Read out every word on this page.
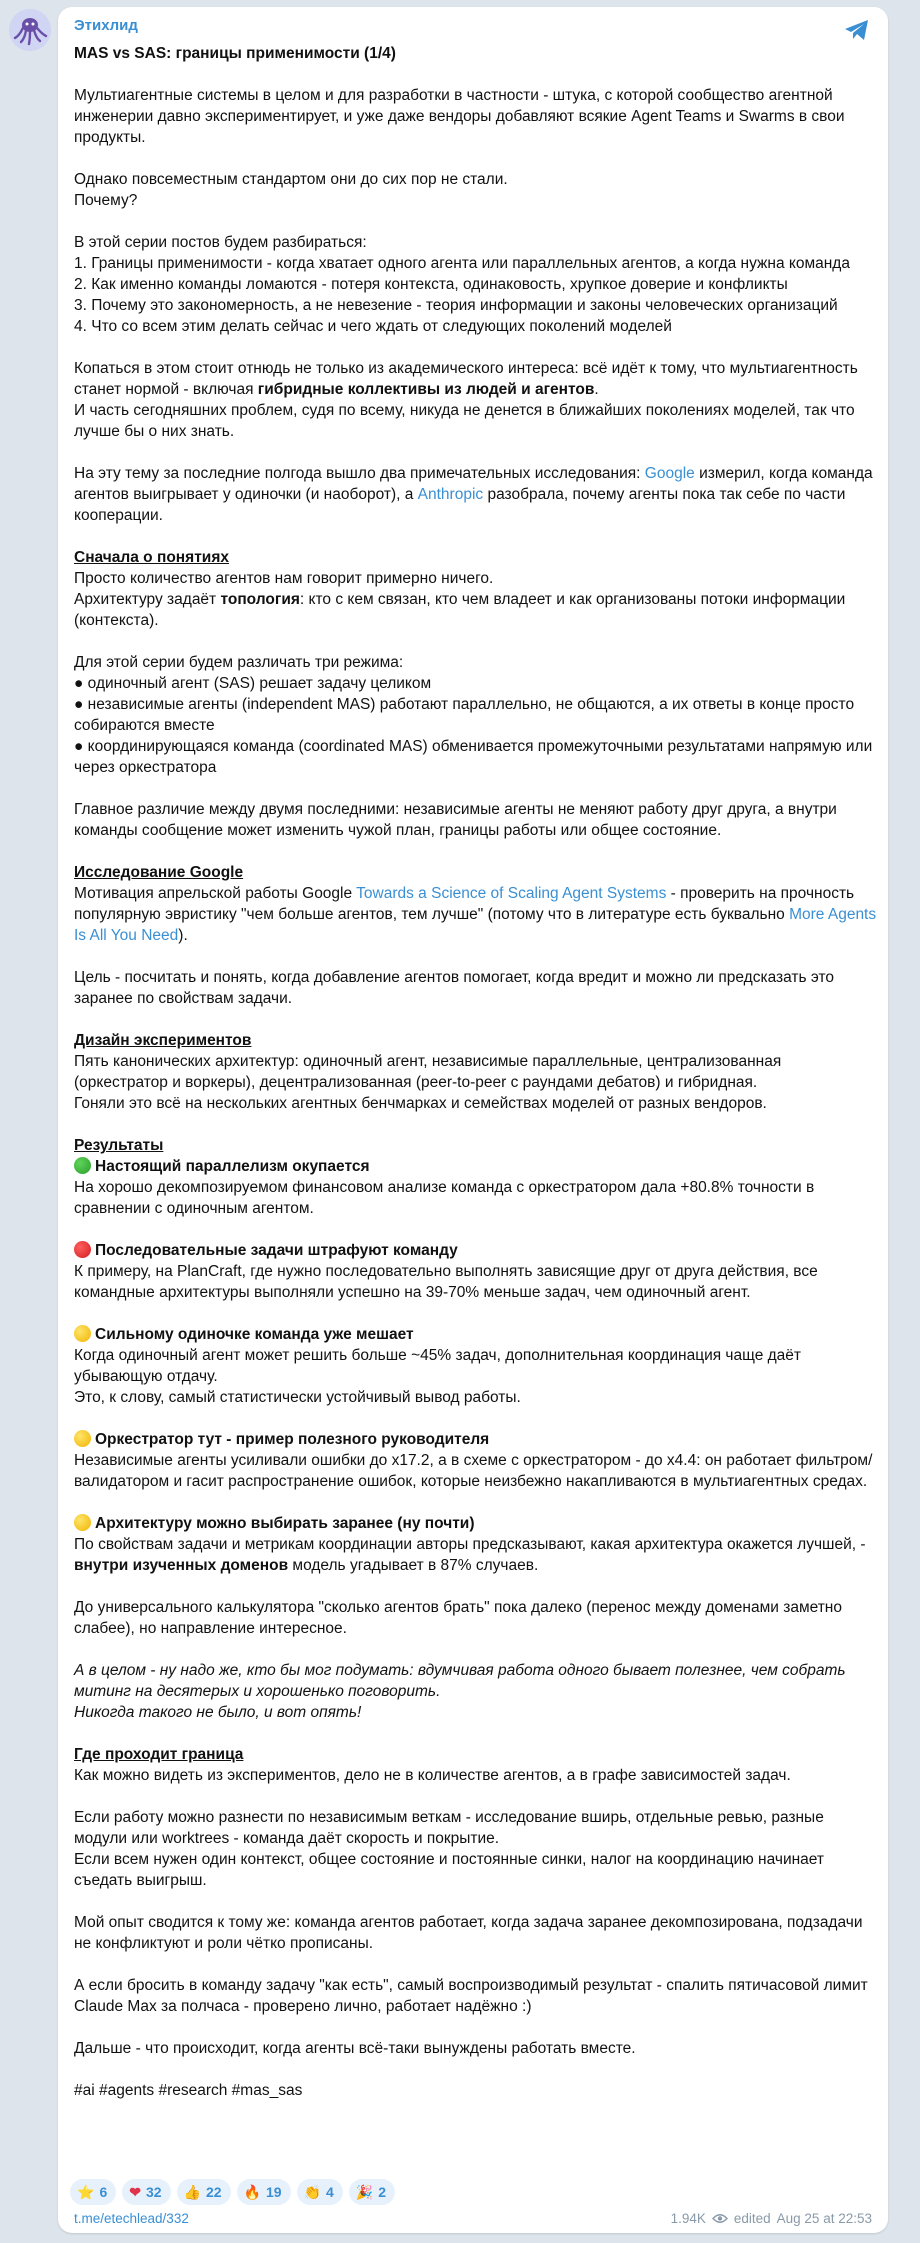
Этихлид

MAS vs SAS: границы применимости (1/4)

Мультиагентные системы в целом и для разработки в частности - штука, с которой сообщество агентной инженерии давно экспериментирует, и уже даже вендоры добавляют всякие Agent Teams и Swarms в свои продукты.

Однако повсеместным стандартом они до сих пор не стали.

Почему?

В этой серии постов будем разбираться:

1. Границы применимости - когда хватает одного агента или параллельных агентов, а когда нужна команда

2. Как именно команды ломаются - потеря контекста, одинаковость, хрупкое доверие и конфликты

3. Почему это закономерность, а не невезение - теория информации и законы человеческих организаций

4. Что со всем этим делать сейчас и чего ждать от следующих поколений моделей

Копаться в этом стоит отнюдь не только из академического интереса: всё идёт к тому, что мультиагентность станет нормой - включая гибридные коллективы из людей и агентов.

И часть сегодняшних проблем, судя по всему, никуда не денется в ближайших поколениях моделей, так что лучше бы о них знать.

На эту тему за последние полгода вышло два примечательных исследования: Google измерил, когда команда агентов выигрывает у одиночки (и наоборот), а Anthropic разобрала, почему агенты пока так себе по части кооперации.

Сначала о понятиях

Просто количество агентов нам говорит примерно ничего.

Архитектуру задаёт топология: кто с кем связан, кто чем владеет и как организованы потоки информации (контекста).

Для этой серии будем различать три режима:

● одиночный агент (SAS) решает задачу целиком

● независимые агенты (independent MAS) работают параллельно, не общаются, а их ответы в конце просто собираются вместе

● координирующаяся команда (coordinated MAS) обменивается промежуточными результатами напрямую или через оркестратора

Главное различие между двумя последними: независимые агенты не меняют работу друг друга, а внутри команды сообщение может изменить чужой план, границы работы или общее состояние.

Исследование Google

Мотивация апрельской работы Google Towards a Science of Scaling Agent Systems - проверить на прочность популярную эвристику "чем больше агентов, тем лучше" (потому что в литературе есть буквально More Agents Is All You Need).

Цель - посчитать и понять, когда добавление агентов помогает, когда вредит и можно ли предсказать это заранее по свойствам задачи.

Дизайн экспериментов

Пять канонических архитектур: одиночный агент, независимые параллельные, централизованная (оркестратор и воркеры), децентрализованная (peer-to-peer с раундами дебатов) и гибридная.

Гоняли это всё на нескольких агентных бенчмарках и семействах моделей от разных вендоров.

Результаты

Настоящий параллелизм окупается

На хорошо декомпозируемом финансовом анализе команда с оркестратором дала +80.8% точности в сравнении с одиночным агентом.

Последовательные задачи штрафуют команду

К примеру, на PlanCraft, где нужно последовательно выполнять зависящие друг от друга действия, все командные архитектуры выполняли успешно на 39-70% меньше задач, чем одиночный агент.

Сильному одиночке команда уже мешает

Когда одиночный агент может решить больше ~45% задач, дополнительная координация чаще даёт убывающую отдачу.

Это, к слову, самый статистически устойчивый вывод работы.

Оркестратор тут - пример полезного руководителя

Независимые агенты усиливали ошибки до x17.2, а в схеме с оркестратором - до x4.4: он работает фильтром/валидатором и гасит распространение ошибок, которые неизбежно накапливаются в мультиагентных средах.

Архитектуру можно выбирать заранее (ну почти)

По свойствам задачи и метрикам координации авторы предсказывают, какая архитектура окажется лучшей, - внутри изученных доменов модель угадывает в 87% случаев.

До универсального калькулятора "сколько агентов брать" пока далеко (перенос между доменами заметно слабее), но направление интересное.

А в целом - ну надо же, кто бы мог подумать: вдумчивая работа одного бывает полезнее, чем собрать митинг на десятерых и хорошенько поговорить.

Никогда такого не было, и вот опять!

Где проходит граница

Как можно видеть из экспериментов, дело не в количестве агентов, а в графе зависимостей задач.

Если работу можно разнести по независимым веткам - исследование вширь, отдельные ревью, разные модули или worktrees - команда даёт скорость и покрытие.

Если всем нужен один контекст, общее состояние и постоянные синки, налог на координацию начинает съедать выигрыш.

Мой опыт сводится к тому же: команда агентов работает, когда задача заранее декомпозирована, подзадачи не конфликтуют и роли чётко прописаны.

А если бросить в команду задачу "как есть", самый воспроизводимый результат - спалить пятичасовой лимит Claude Max за полчаса - проверено лично, работает надёжно :)

Дальше - что происходит, когда агенты всё-таки вынуждены работать вместе.

#ai #agents #research #mas_sas

⭐ 6 ❤ 32 👍 22 🔥 19 👏 4 🎉 2
t.me/etechlead/332	1.94K edited Aug 25 at 22:53
